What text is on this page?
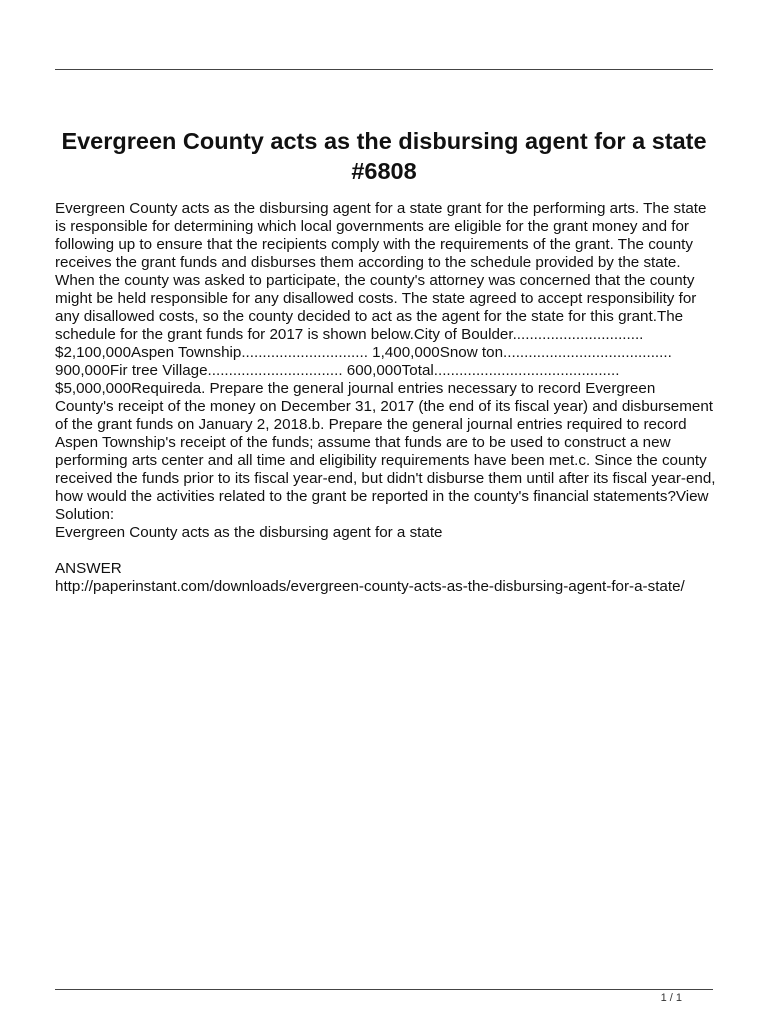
Evergreen County acts as the disbursing agent for a state #6808

Evergreen County acts as the disbursing agent for a state grant for the performing arts. The state is responsible for determining which local governments are eligible for the grant money and for following up to ensure that the recipients comply with the requirements of the grant. The county receives the grant funds and disburses them according to the schedule provided by the state. When the county was asked to participate, the county's attorney was concerned that the county might be held responsible for any disallowed costs. The state agreed to accept responsibility for any disallowed costs, so the county decided to act as the agent for the state for this grant.The schedule for the grant funds for 2017 is shown below.City of Boulder............................... $2,100,000Aspen Township.............................. 1,400,000Snow ton........................................ 900,000Fir tree Village................................ 600,000Total............................................ $5,000,000Requireda. Prepare the general journal entries necessary to record Evergreen County's receipt of the money on December 31, 2017 (the end of its fiscal year) and disbursement of the grant funds on January 2, 2018.b. Prepare the general journal entries required to record Aspen Township's receipt of the funds; assume that funds are to be used to construct a new performing arts center and all time and eligibility requirements have been met.c. Since the county received the funds prior to its fiscal year-end, but didn't disburse them until after its fiscal year-end, how would the activities related to the grant be reported in the county's financial statements?View Solution:

Evergreen County acts as the disbursing agent for a state

ANSWER

http://paperinstant.com/downloads/evergreen-county-acts-as-the-disbursing-agent-for-a-state/

1 / 1
